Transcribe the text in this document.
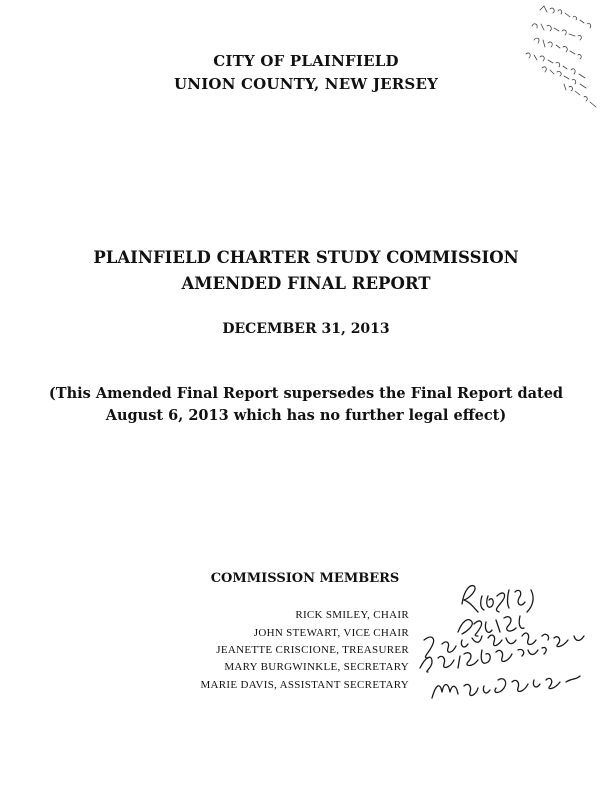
CITY OF PLAINFIELD
UNION COUNTY, NEW JERSEY
PLAINFIELD CHARTER STUDY COMMISSION
AMENDED FINAL REPORT
DECEMBER 31, 2013
(This Amended Final Report supersedes the Final Report dated
August 6, 2013 which has no further legal effect)
COMMISSION MEMBERS
RICK SMILEY, CHAIR
JOHN STEWART, VICE CHAIR
JEANETTE CRISCIONE, TREASURER
MARY BURGWINKLE, SECRETARY
MARIE DAVIS, ASSISTANT SECRETARY
